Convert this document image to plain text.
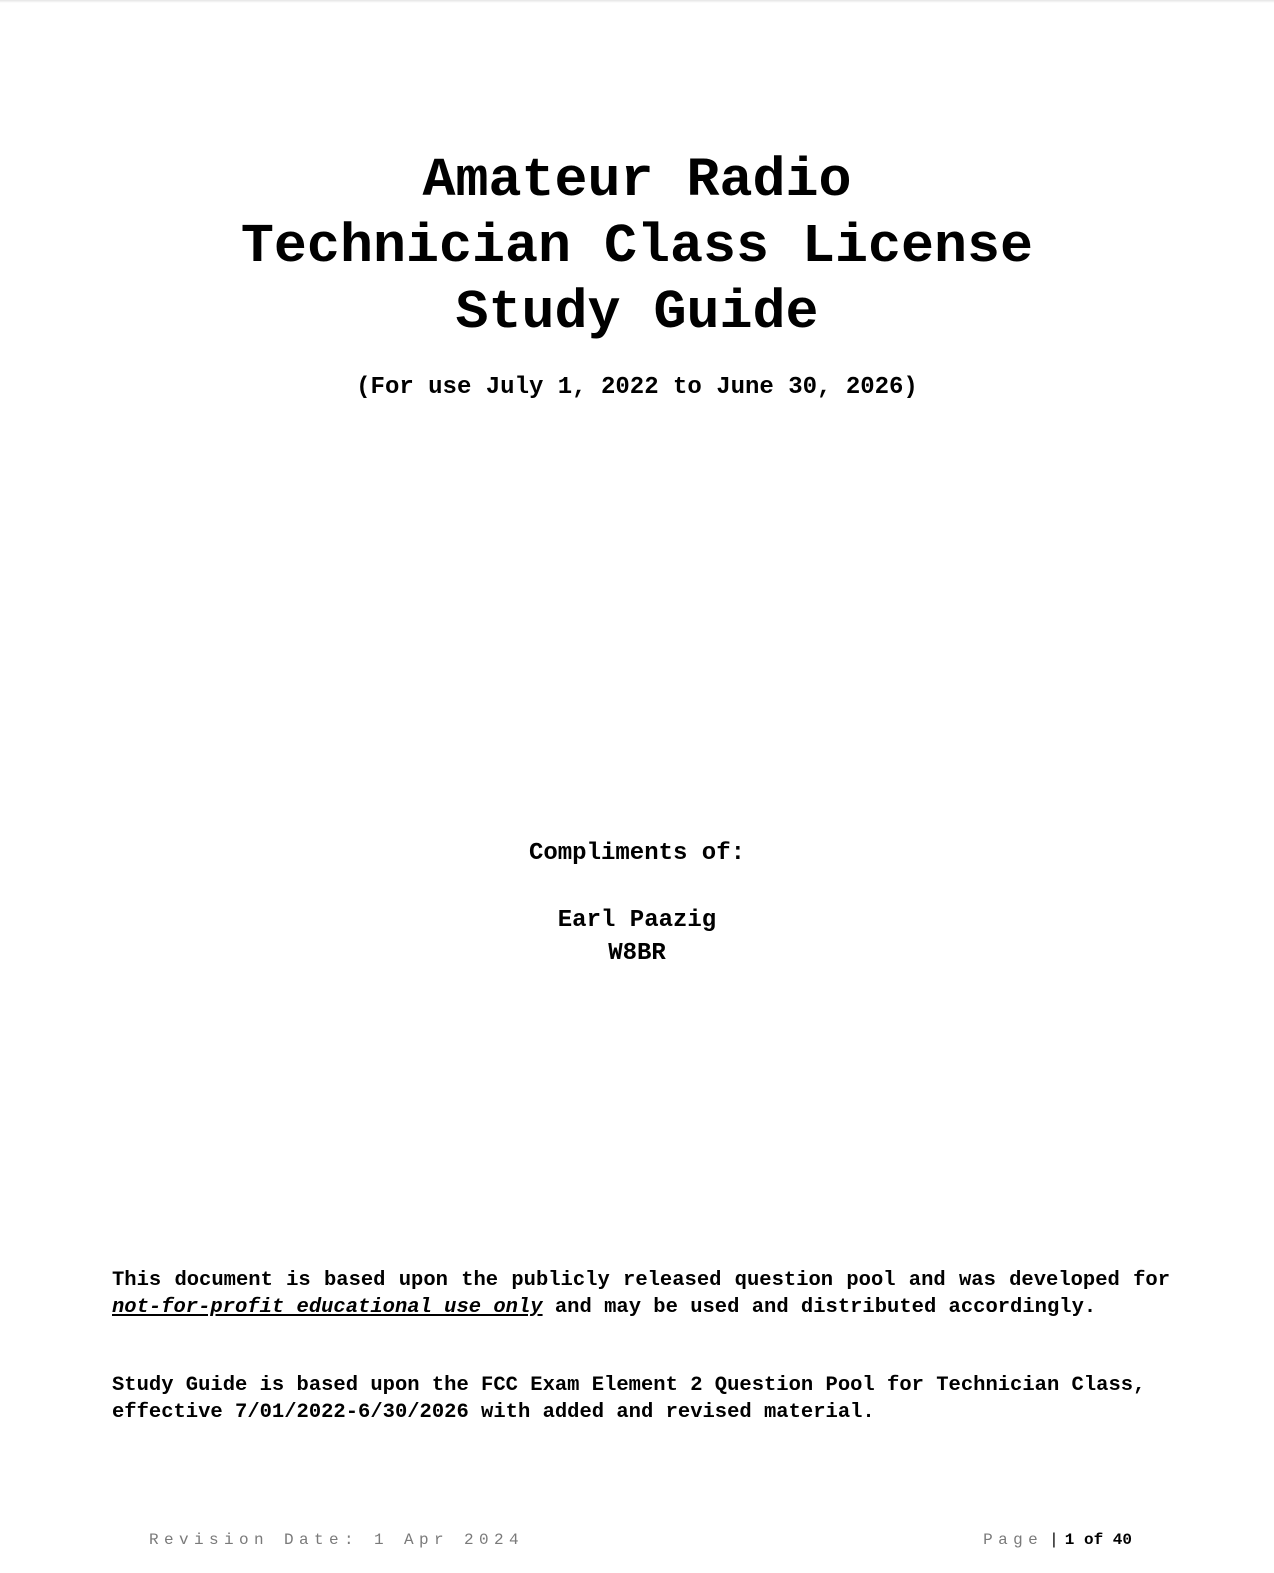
Amateur Radio
Technician Class License
Study Guide
(For use July 1, 2022 to June 30, 2026)
Compliments of:
Earl Paazig
W8BR

This document is based upon the publicly released question pool and was developed for not-for-profit educational use only and may be used and distributed accordingly.

Study Guide is based upon the FCC Exam Element 2 Question Pool for Technician Class, effective 7/01/2022-6/30/2026 with added and revised material.

Revision Date: 1 Apr 2024	Page | 1 of 40
